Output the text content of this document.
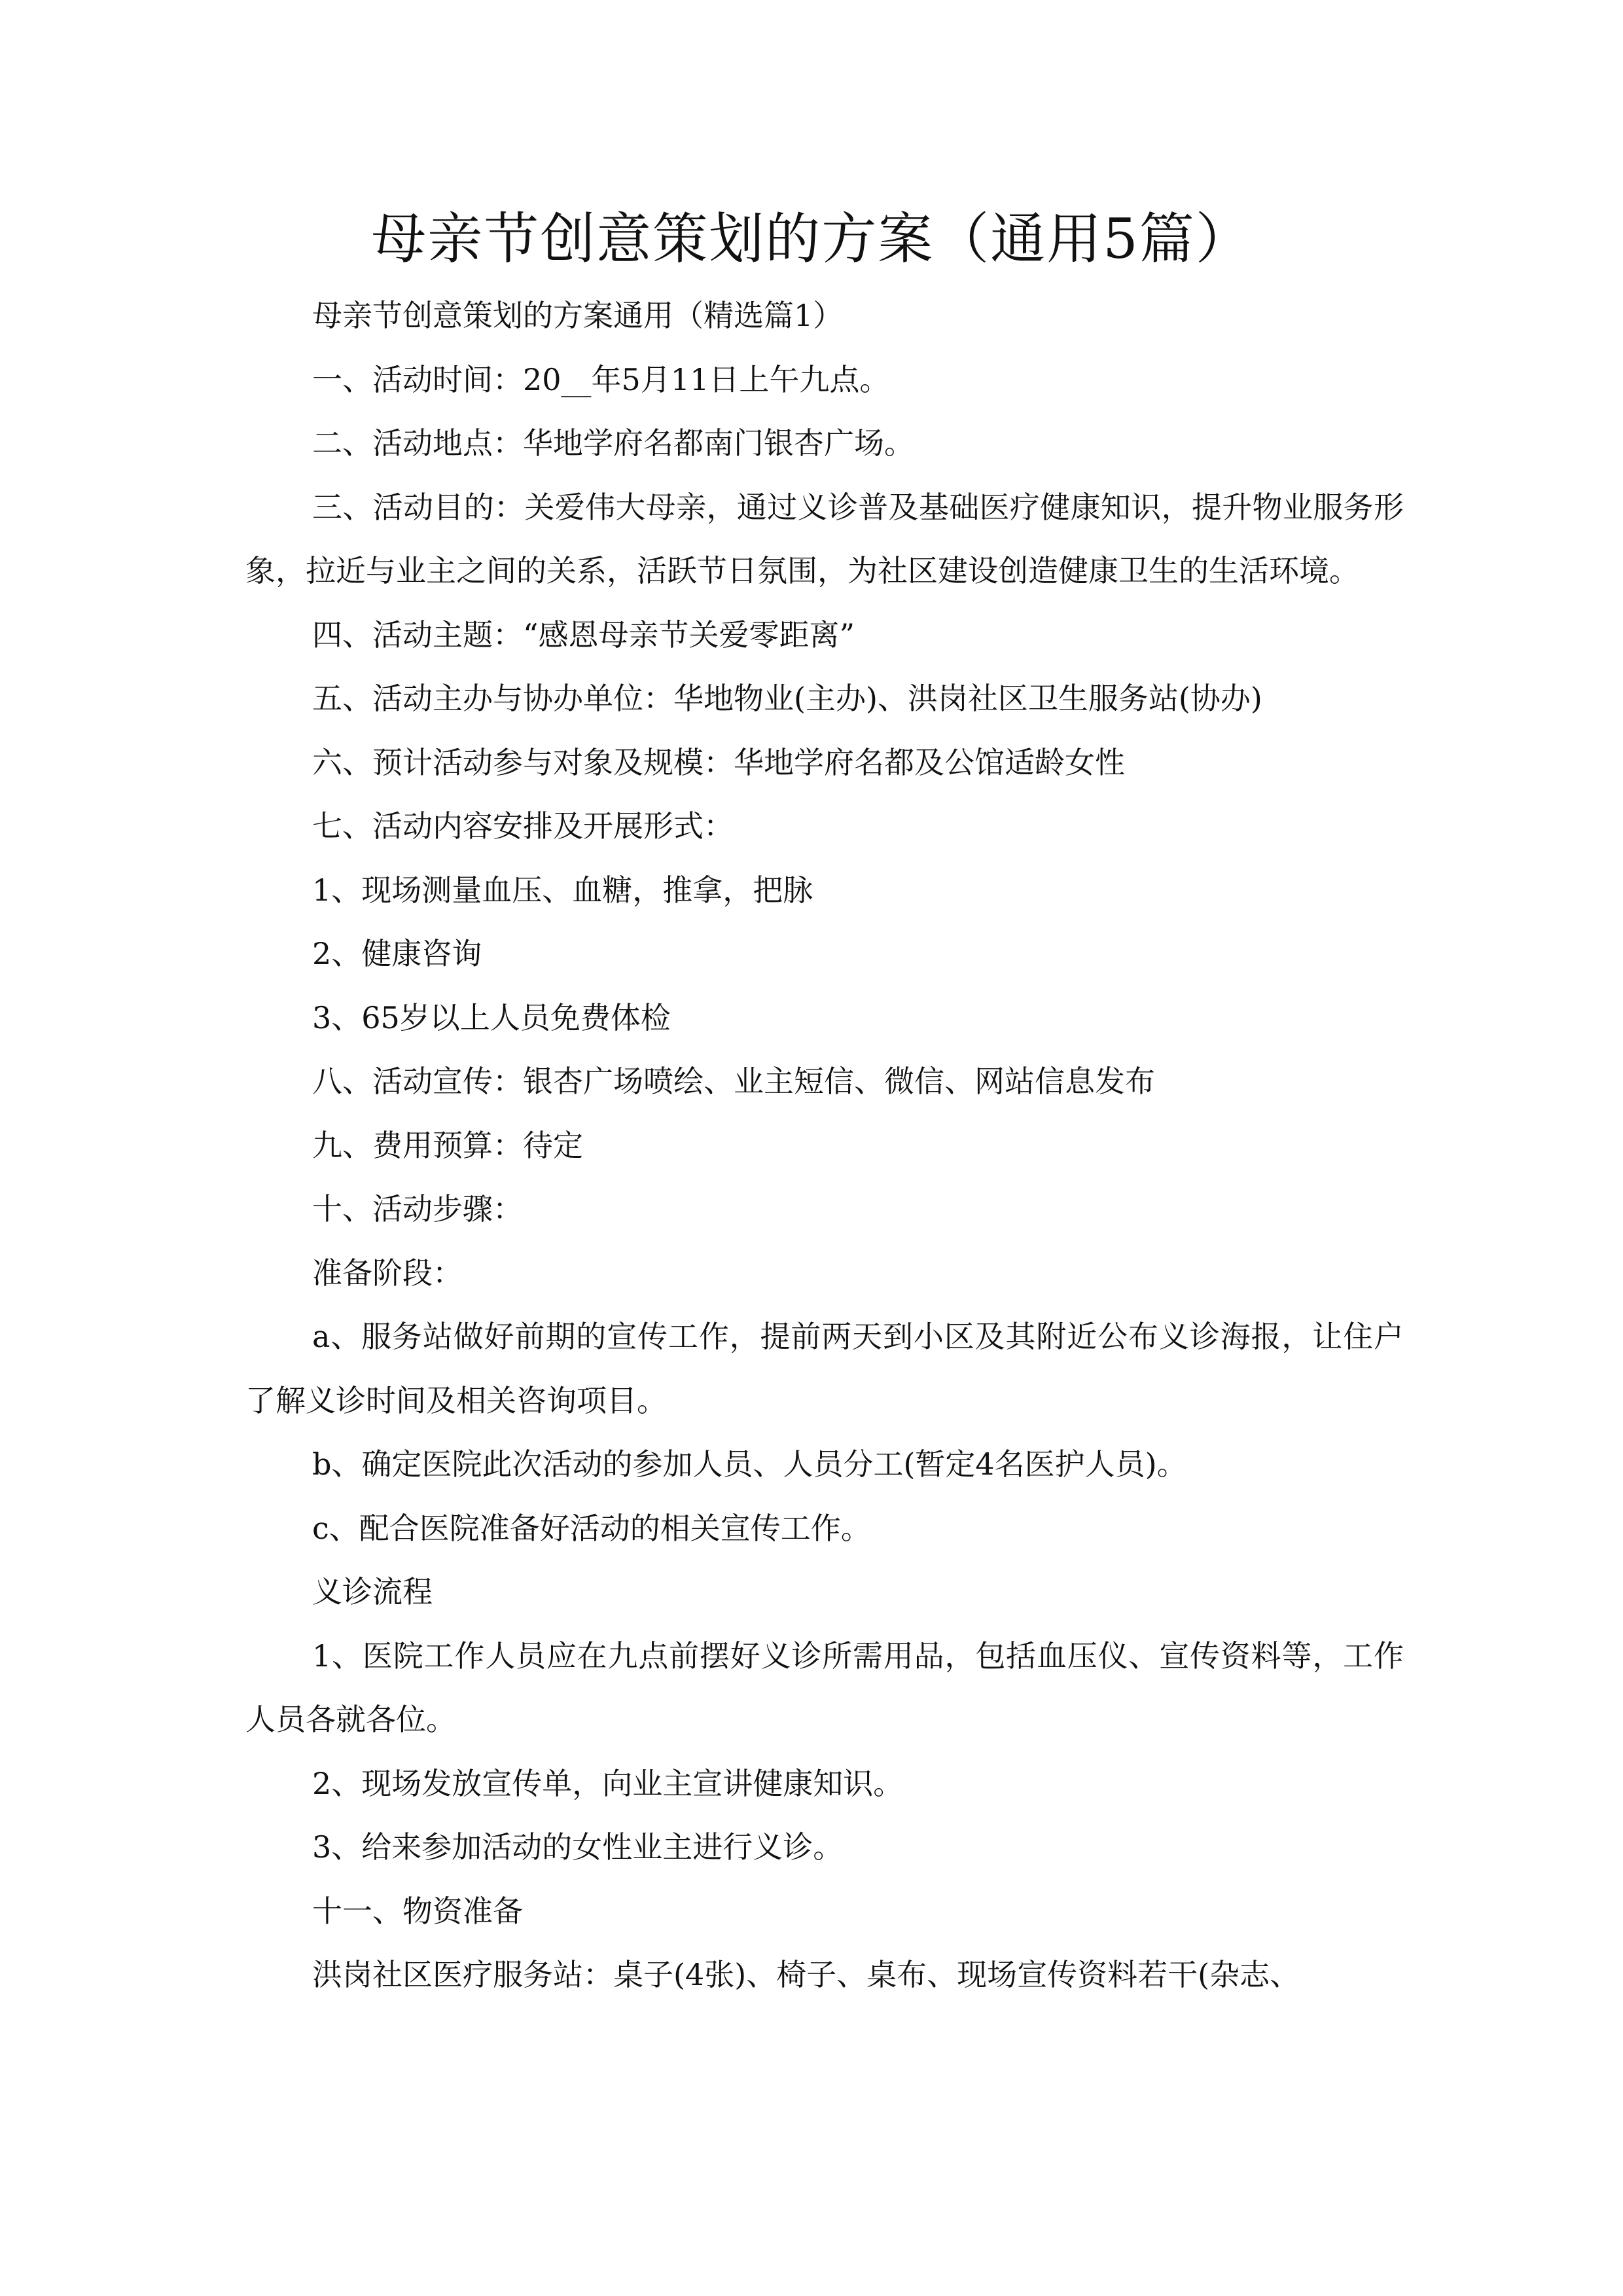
母亲节创意策划的方案（通用5篇）

母亲节创意策划的方案通用（精选篇1）

一、活动时间：20__年5月11日上午九点。

二、活动地点：华地学府名都南门银杏广场。

三、活动目的：关爱伟大母亲，通过义诊普及基础医疗健康知识，提升物业服务形象，拉近与业主之间的关系，活跃节日氛围，为社区建设创造健康卫生的生活环境。

四、活动主题：“感恩母亲节关爱零距离”

五、活动主办与协办单位：华地物业(主办)、洪岗社区卫生服务站(协办)

六、预计活动参与对象及规模：华地学府名都及公馆适龄女性

七、活动内容安排及开展形式：

1、现场测量血压、血糖，推拿，把脉

2、健康咨询

3、65岁以上人员免费体检

八、活动宣传：银杏广场喷绘、业主短信、微信、网站信息发布

九、费用预算：待定

十、活动步骤：

准备阶段：

a、服务站做好前期的宣传工作，提前两天到小区及其附近公布义诊海报，让住户了解义诊时间及相关咨询项目。

b、确定医院此次活动的参加人员、人员分工(暂定4名医护人员)。

c、配合医院准备好活动的相关宣传工作。

义诊流程

1、医院工作人员应在九点前摆好义诊所需用品，包括血压仪、宣传资料等，工作人员各就各位。

2、现场发放宣传单，向业主宣讲健康知识。

3、给来参加活动的女性业主进行义诊。

十一、物资准备

洪岗社区医疗服务站：桌子(4张)、椅子、桌布、现场宣传资料若干(杂志、
